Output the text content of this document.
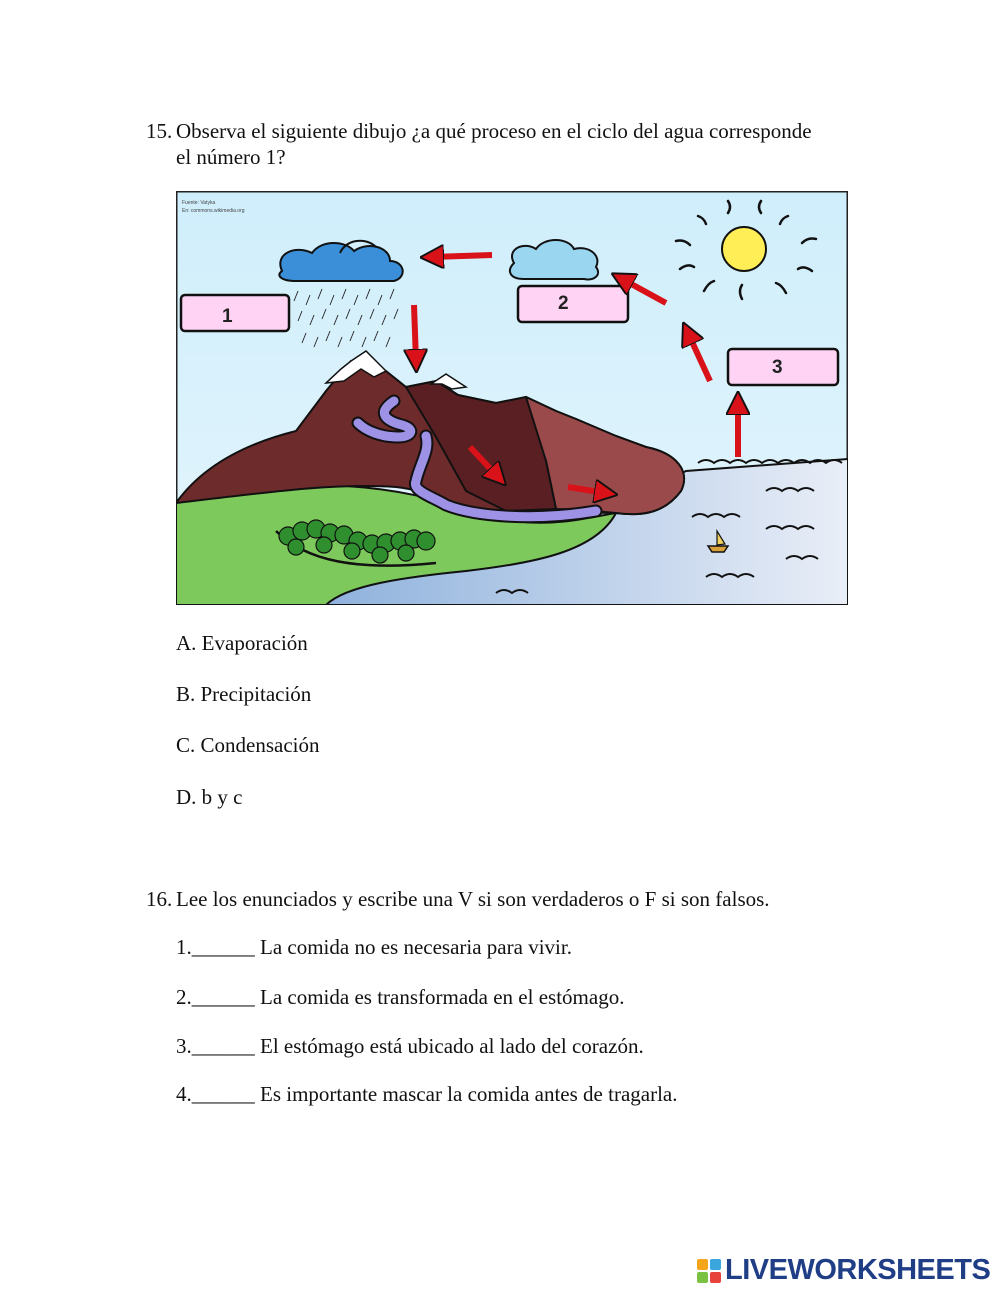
15. Observa el siguiente dibujo ¿a qué proceso en el ciclo del agua corresponde
el número 1?
Fuente: Vatyka
En: commons.wikimedia.org
1
2
3
A. Evaporación
B. Precipitación
C. Condensación
D. b y c
16. Lee los enunciados y escribe una V si son verdaderos o F si son falsos.
1.______ La comida no es necesaria para vivir.
2.______ La comida es transformada en el estómago.
3.______ El estómago está ubicado al lado del corazón.
4.______ Es importante mascar la comida antes de tragarla.
LIVEWORKSHEETS
